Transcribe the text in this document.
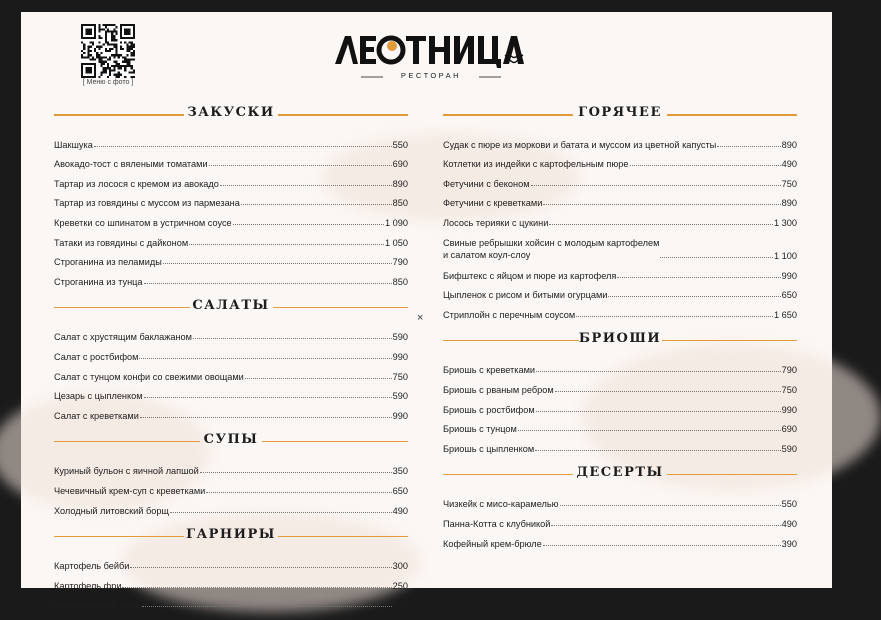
[ Меню с фото ]
РЕСТОРАН
ЗАКУСКИ
Шакшука	550
Авокадо-тост с вялеными томатами	690
Тартар из лосося с кремом из авокадо	890
Тартар из говядины с муссом из пармезана	850
Креветки со шпинатом в устричном соусе	1 090
Татаки из говядины с дайконом	1 050
Строганина из пеламиды	790
Строганина из тунца	850
САЛАТЫ
Салат с хрустящим баклажаном	590
Салат с ростбифом	990
Салат с тунцом конфи со свежими овощами	750
Цезарь с цыпленком	590
Салат с креветками	990
СУПЫ
Куриный бульон с яичной лапшой	350
Чечевичный крем-суп с креветками	650
Холодный литовский борщ	490
ГАРНИРЫ
Картофель бейби	300
Картофель фри	250
Картофельное пюре	300
ГОРЯЧЕЕ
Судак с пюре из моркови и батата и муссом из цветной капусты	890
Котлетки из индейки с картофельным пюре	490
Фетучини с беконом	750
Фетучини с креветками	890
Лосось терияки с цукини	1 300
Свиные ребрышки хойсин с молодым картофелем
и салатом коул-слоу	1 100
Бифштекс с яйцом и пюре из картофеля	990
Цыпленок с рисом и битыми огурцами	650
Стриплойн с перечным соусом	1 650
БРИОШИ
Бриошь с креветками	790
Бриошь с рваным ребром	750
Бриошь с ростбифом	990
Бриошь с тунцом	690
Бриошь с цыпленком	590
ДЕСЕРТЫ
Чизкейк с мисо-карамелью	550
Панна-Котта с клубникой	490
Кофейный крем-брюле	390
×
